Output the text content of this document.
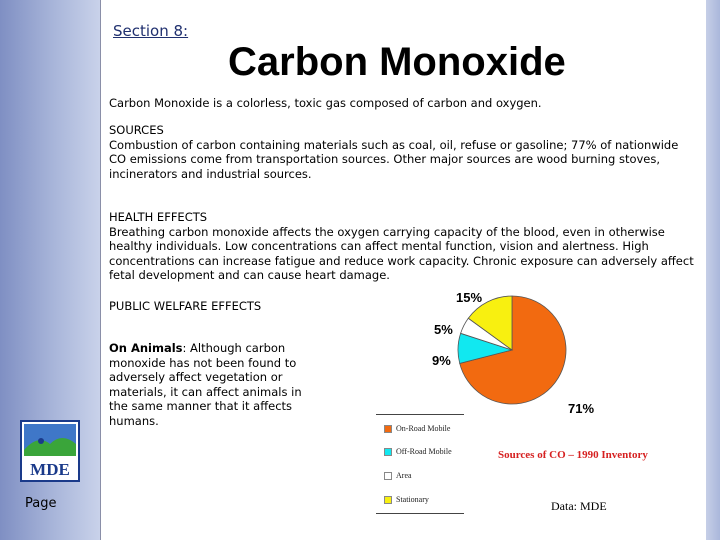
Section 8:
Carbon Monoxide
Carbon Monoxide is a colorless, toxic gas composed of carbon and oxygen.
SOURCES
Combustion of carbon containing materials such as coal, oil, refuse or gasoline; 77% of nationwide CO emissions come from transportation sources. Other major sources are wood burning stoves, incinerators and industrial sources.
HEALTH EFFECTS
Breathing carbon monoxide affects the oxygen carrying capacity of the blood, even in otherwise healthy individuals. Low concentrations can affect mental function, vision and alertness. High concentrations can increase fatigue and reduce work capacity. Chronic exposure can adversely affect fetal development and can cause heart damage.
PUBLIC WELFARE EFFECTS
On Animals: Although carbon monoxide has not been found to adversely affect vegetation or materials, it can affect animals in the same manner that it affects humans.
MDE
Page
71%
9%
5%
15%
On-Road Mobile
Off-Road Mobile
Area
Stationary
Sources of CO – 1990 Inventory
Data: MDE
